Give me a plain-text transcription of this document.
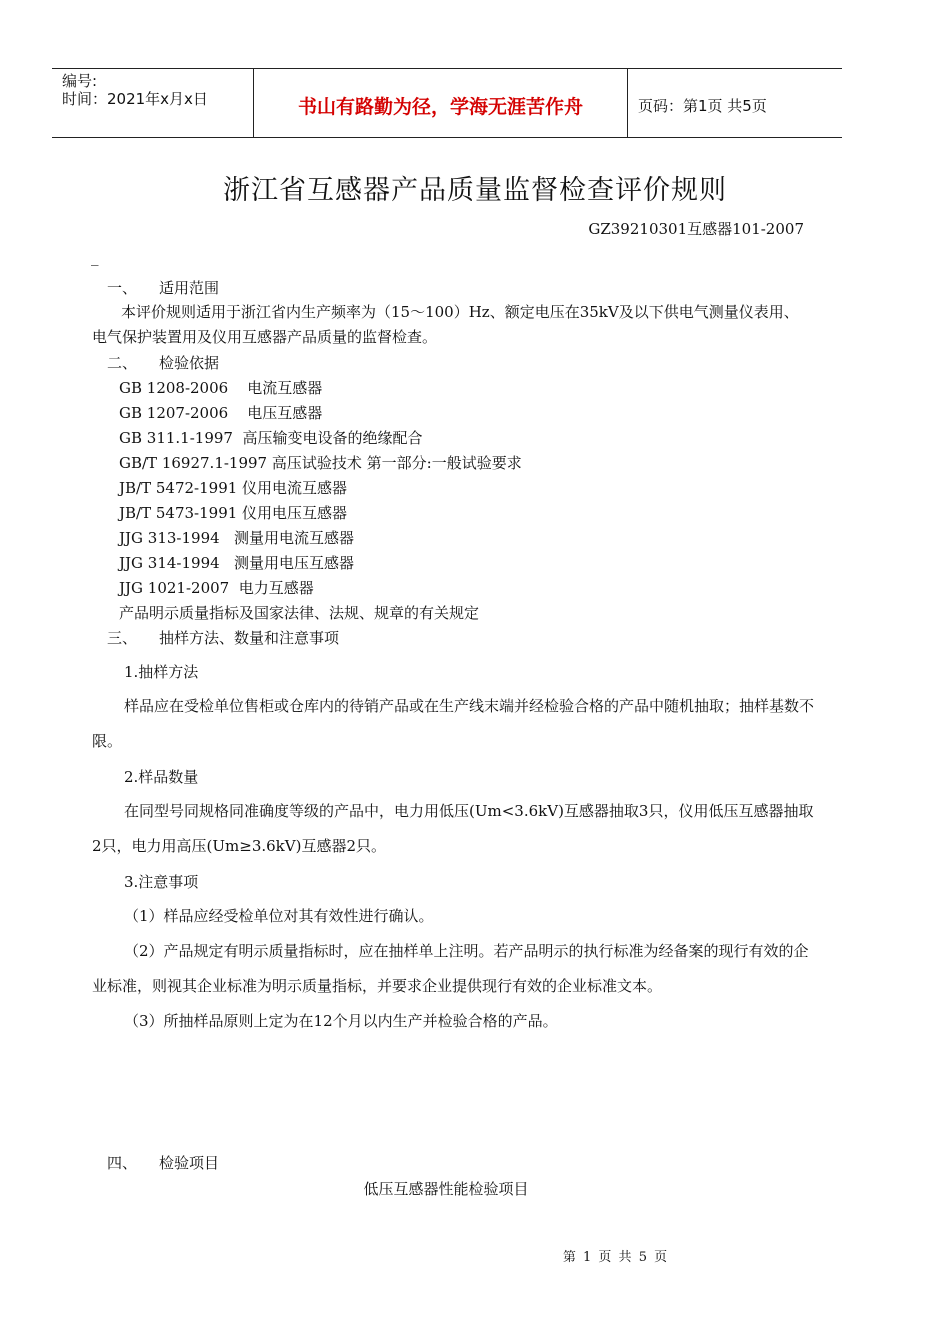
编号:
时间：2021年x月x日	书山有路勤为径，学海无涯苦作舟	页码：第1页 共5页
浙江省互感器产品质量监督检查评价规则
GZ39210301互感器101-2007
_
一、 适用范围
本评价规则适用于浙江省内生产频率为（15～100）Hz、额定电压在35kV及以下供电气测量仪表用、电气保护装置用及仪用互感器产品质量的监督检查。
二、 检验依据
GB 1208-2006    电流互感器
GB 1207-2006    电压互感器
GB 311.1-1997  高压输变电设备的绝缘配合
GB/T 16927.1-1997 高压试验技术 第一部分:一般试验要求
JB/T 5472-1991 仪用电流互感器
JB/T 5473-1991 仪用电压互感器
JJG 313-1994   测量用电流互感器
JJG 314-1994   测量用电压互感器
JJG 1021-2007  电力互感器
产品明示质量指标及国家法律、法规、规章的有关规定
三、 抽样方法、数量和注意事项
1.抽样方法
样品应在受检单位售柜或仓库内的待销产品或在生产线末端并经检验合格的产品中随机抽取；抽样基数不限。
2.样品数量
在同型号同规格同准确度等级的产品中，电力用低压(Um<3.6kV)互感器抽取3只，仪用低压互感器抽取2只，电力用高压(Um≥3.6kV)互感器2只。
3.注意事项
（1）样品应经受检单位对其有效性进行确认。
（2）产品规定有明示质量指标时，应在抽样单上注明。若产品明示的执行标准为经备案的现行有效的企业标准，则视其企业标准为明示质量指标，并要求企业提供现行有效的企业标准文本。
（3）所抽样品原则上定为在12个月以内生产并检验合格的产品。
四、 检验项目
低压互感器性能检验项目
第 1 页 共 5 页
